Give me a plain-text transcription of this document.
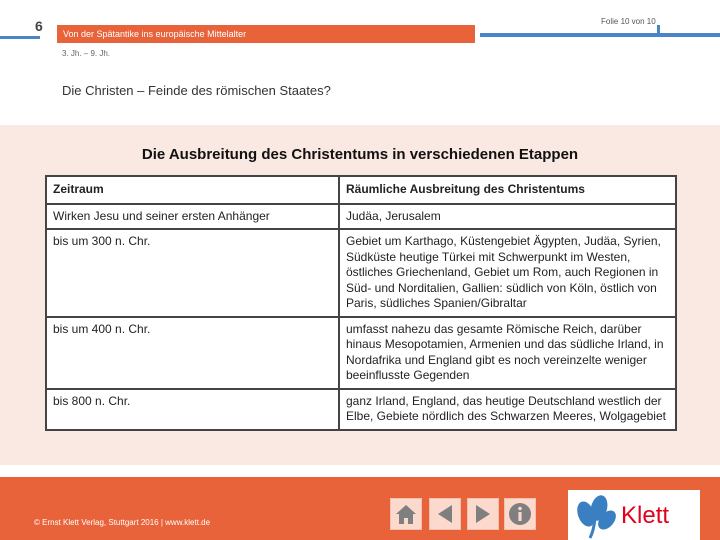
6 Von der Spätantike ins europäische Mittelalter
Folie 10 von 10
3. Jh. – 9. Jh.
Die Christen – Feinde des römischen Staates?
Die Ausbreitung des Christentums in verschiedenen Etappen
Zeitraum	Räumliche Ausbreitung des Christentums
Wirken Jesu und seiner ersten Anhänger	Judäa, Jerusalem
bis um 300 n. Chr.	Gebiet um Karthago, Küstengebiet Ägypten, Judäa, Syrien, Südküste heutige Türkei mit Schwerpunkt im Westen, östliches Griechenland, Gebiet um Rom, auch Regionen in Süd- und Norditalien, Gallien: südlich von Köln, östlich von Paris, südliches Spanien/Gibraltar
bis um 400 n. Chr.	umfasst nahezu das gesamte Römische Reich, darüber hinaus Mesopotamien, Armenien und das südliche Irland, in Nordafrika und England gibt es noch vereinzelte weniger beeinflusste Gegenden
bis 800 n. Chr.	ganz Irland, England, das heutige Deutschland westlich der Elbe, Gebiete nördlich des Schwarzen Meeres, Wolgagebiet
© Ernst Klett Verlag, Stuttgart 2016 | www.klett.de	Klett
